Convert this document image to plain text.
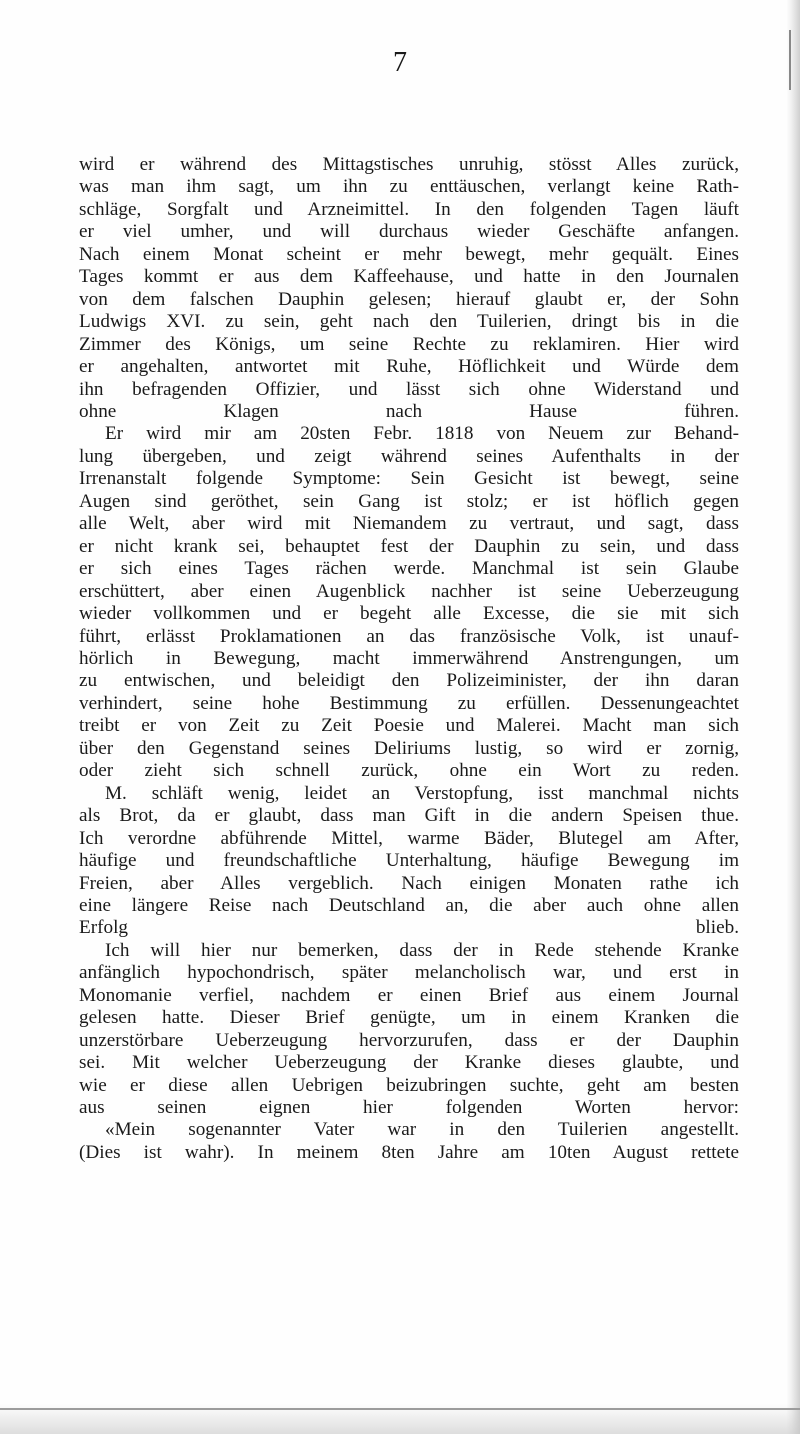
7

wird er während des Mittagstisches unruhig, stösst Alles zurück,
was man ihm sagt, um ihn zu enttäuschen, verlangt keine Rath-
schläge, Sorgfalt und Arzneimittel. In den folgenden Tagen läuft
er viel umher, und will durchaus wieder Geschäfte anfangen.
Nach einem Monat scheint er mehr bewegt, mehr gequält. Eines
Tages kommt er aus dem Kaffeehause, und hatte in den Journalen
von dem falschen Dauphin gelesen; hierauf glaubt er, der Sohn
Ludwigs XVI. zu sein, geht nach den Tuilerien, dringt bis in die
Zimmer des Königs, um seine Rechte zu reklamiren. Hier wird
er angehalten, antwortet mit Ruhe, Höflichkeit und Würde dem
ihn befragenden Offizier, und lässt sich ohne Widerstand und
ohne Klagen nach Hause führen.

Er wird mir am 20sten Febr. 1818 von Neuem zur Behand-
lung übergeben, und zeigt während seines Aufenthalts in der
Irrenanstalt folgende Symptome: Sein Gesicht ist bewegt, seine
Augen sind geröthet, sein Gang ist stolz; er ist höflich gegen
alle Welt, aber wird mit Niemandem zu vertraut, und sagt, dass
er nicht krank sei, behauptet fest der Dauphin zu sein, und dass
er sich eines Tages rächen werde. Manchmal ist sein Glaube
erschüttert, aber einen Augenblick nachher ist seine Ueberzeugung
wieder vollkommen und er begeht alle Excesse, die sie mit sich
führt, erlässt Proklamationen an das französische Volk, ist unauf-
hörlich in Bewegung, macht immerwährend Anstrengungen, um
zu entwischen, und beleidigt den Polizeiminister, der ihn daran
verhindert, seine hohe Bestimmung zu erfüllen. Dessenungeachtet
treibt er von Zeit zu Zeit Poesie und Malerei. Macht man sich
über den Gegenstand seines Deliriums lustig, so wird er zornig,
oder zieht sich schnell zurück, ohne ein Wort zu reden.

M. schläft wenig, leidet an Verstopfung, isst manchmal nichts
als Brot, da er glaubt, dass man Gift in die andern Speisen thue.
Ich verordne abführende Mittel, warme Bäder, Blutegel am After,
häufige und freundschaftliche Unterhaltung, häufige Bewegung im
Freien, aber Alles vergeblich. Nach einigen Monaten rathe ich
eine längere Reise nach Deutschland an, die aber auch ohne allen
Erfolg blieb.

Ich will hier nur bemerken, dass der in Rede stehende Kranke
anfänglich hypochondrisch, später melancholisch war, und erst in
Monomanie verfiel, nachdem er einen Brief aus einem Journal
gelesen hatte. Dieser Brief genügte, um in einem Kranken die
unzerstörbare Ueberzeugung hervorzurufen, dass er der Dauphin
sei. Mit welcher Ueberzeugung der Kranke dieses glaubte, und
wie er diese allen Uebrigen beizubringen suchte, geht am besten
aus seinen eignen hier folgenden Worten hervor:

«Mein sogenannter Vater war in den Tuilerien angestellt.
(Dies ist wahr). In meinem 8ten Jahre am 10ten August rettete
